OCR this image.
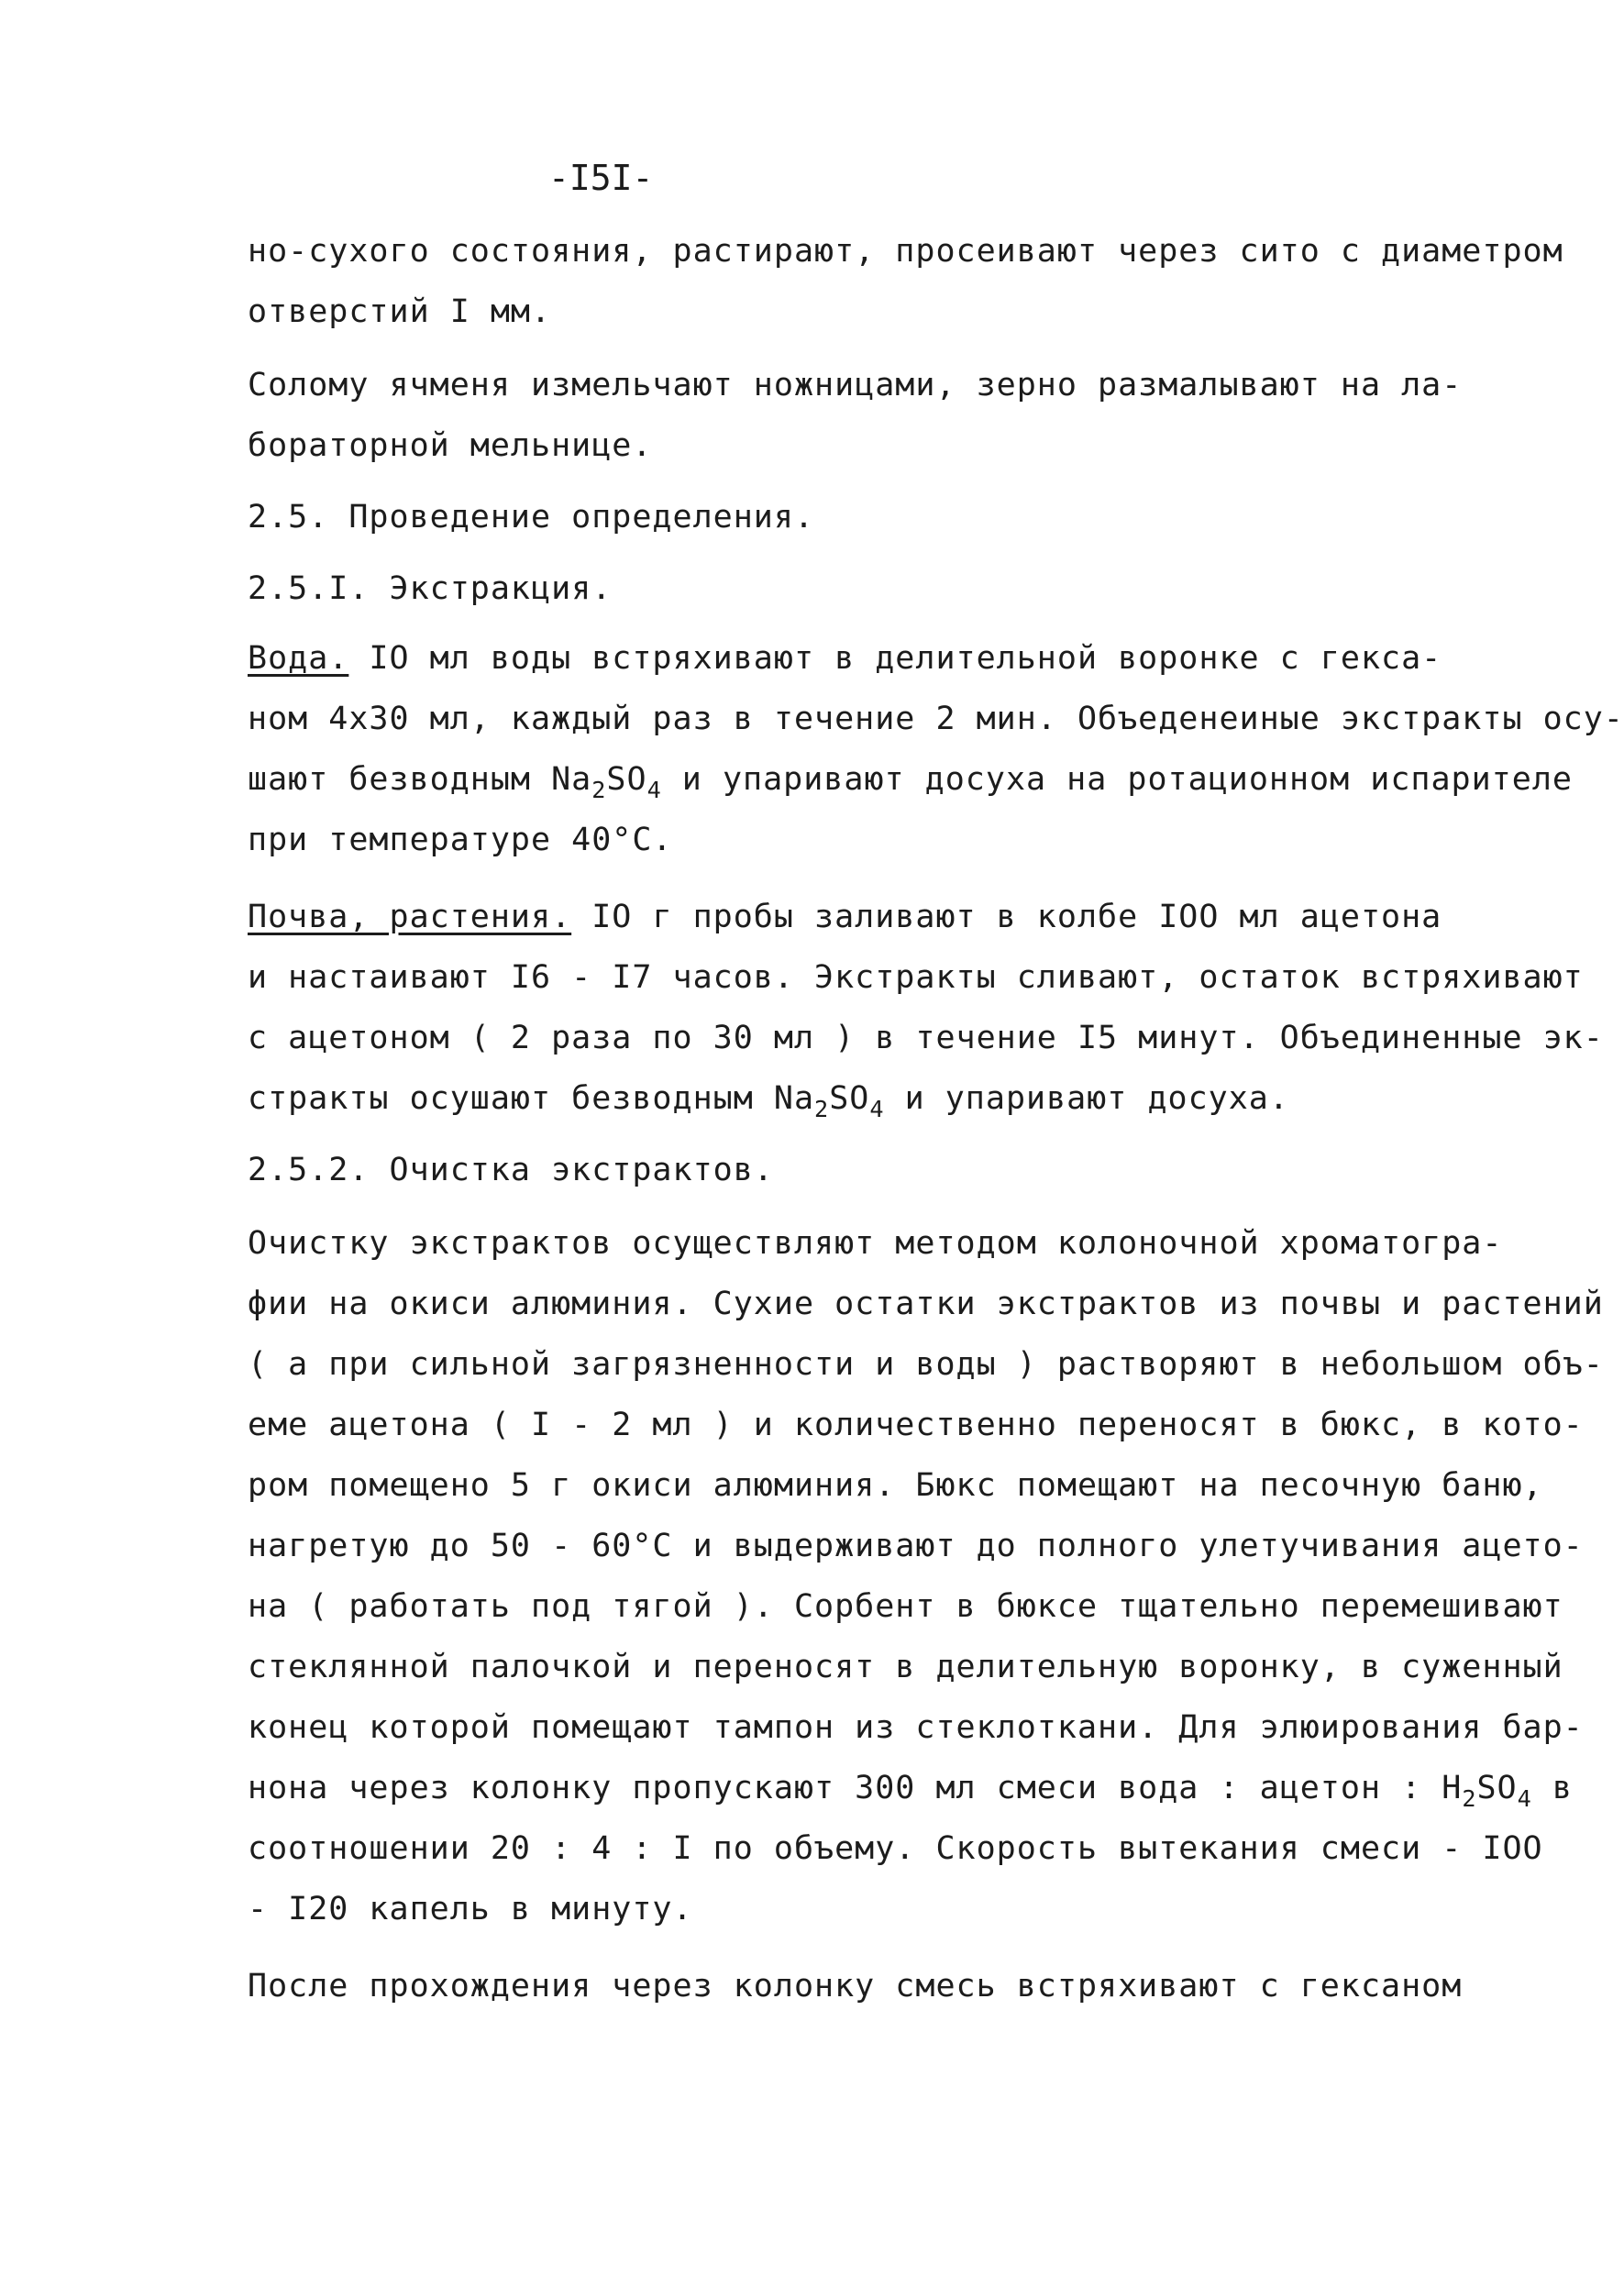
-I5I-
но-сухого состояния, растирают, просеивают через сито с диаметром
отверстий I мм.
Солому ячменя измельчают ножницами, зерно размалывают на ла-
бораторной мельнице.
2.5. Проведение определения.
2.5.I. Экстракция.
Вода. IO мл воды встряхивают в делительной воронке с гекса-
ном 4x30 мл, каждый раз в течение 2 мин. Объеденеиные экстракты осу-
шают безводным $Na_2SO_4$ и упаривают досуха на ротационном испарителе
при температуре 40°С.
Почва, растения. IO г пробы заливают в колбе IOO мл ацетона
и настаивают I6 - I7 часов. Экстракты сливают, остаток встряхивают
с ацетоном ( 2 раза по 30 мл ) в течение I5 минут. Объединенные эк-
стракты осушают безводным $Na_2SO_4$ и упаривают досуха.
2.5.2. Очистка экстрактов.
Очистку экстрактов осуществляют методом колоночной хроматогра-
фии на окиси алюминия. Сухие остатки экстрактов из почвы и растений
( а при сильной загрязненности и воды ) растворяют в небольшом объ-
еме ацетона ( I - 2 мл ) и количественно переносят в бюкс, в кото-
ром помещено 5 г окиси алюминия. Бюкс помещают на песочную баню,
нагретую до 50 - 60°С и выдерживают до полного улетучивания ацето-
на ( работать под тягой ). Сорбент в бюксе тщательно перемешивают
стеклянной палочкой и переносят в делительную воронку, в суженный
конец которой помещают тампон из стеклоткани. Для элюирования бар-
нона через колонку пропускают 300 мл смеси вода : ацетон : $H_2SO_4$ в
соотношении 20 : 4 : I по объему. Скорость вытекания смеси - IOO
- I20 капель в минуту.
После прохождения через колонку смесь встряхивают с гексаном
